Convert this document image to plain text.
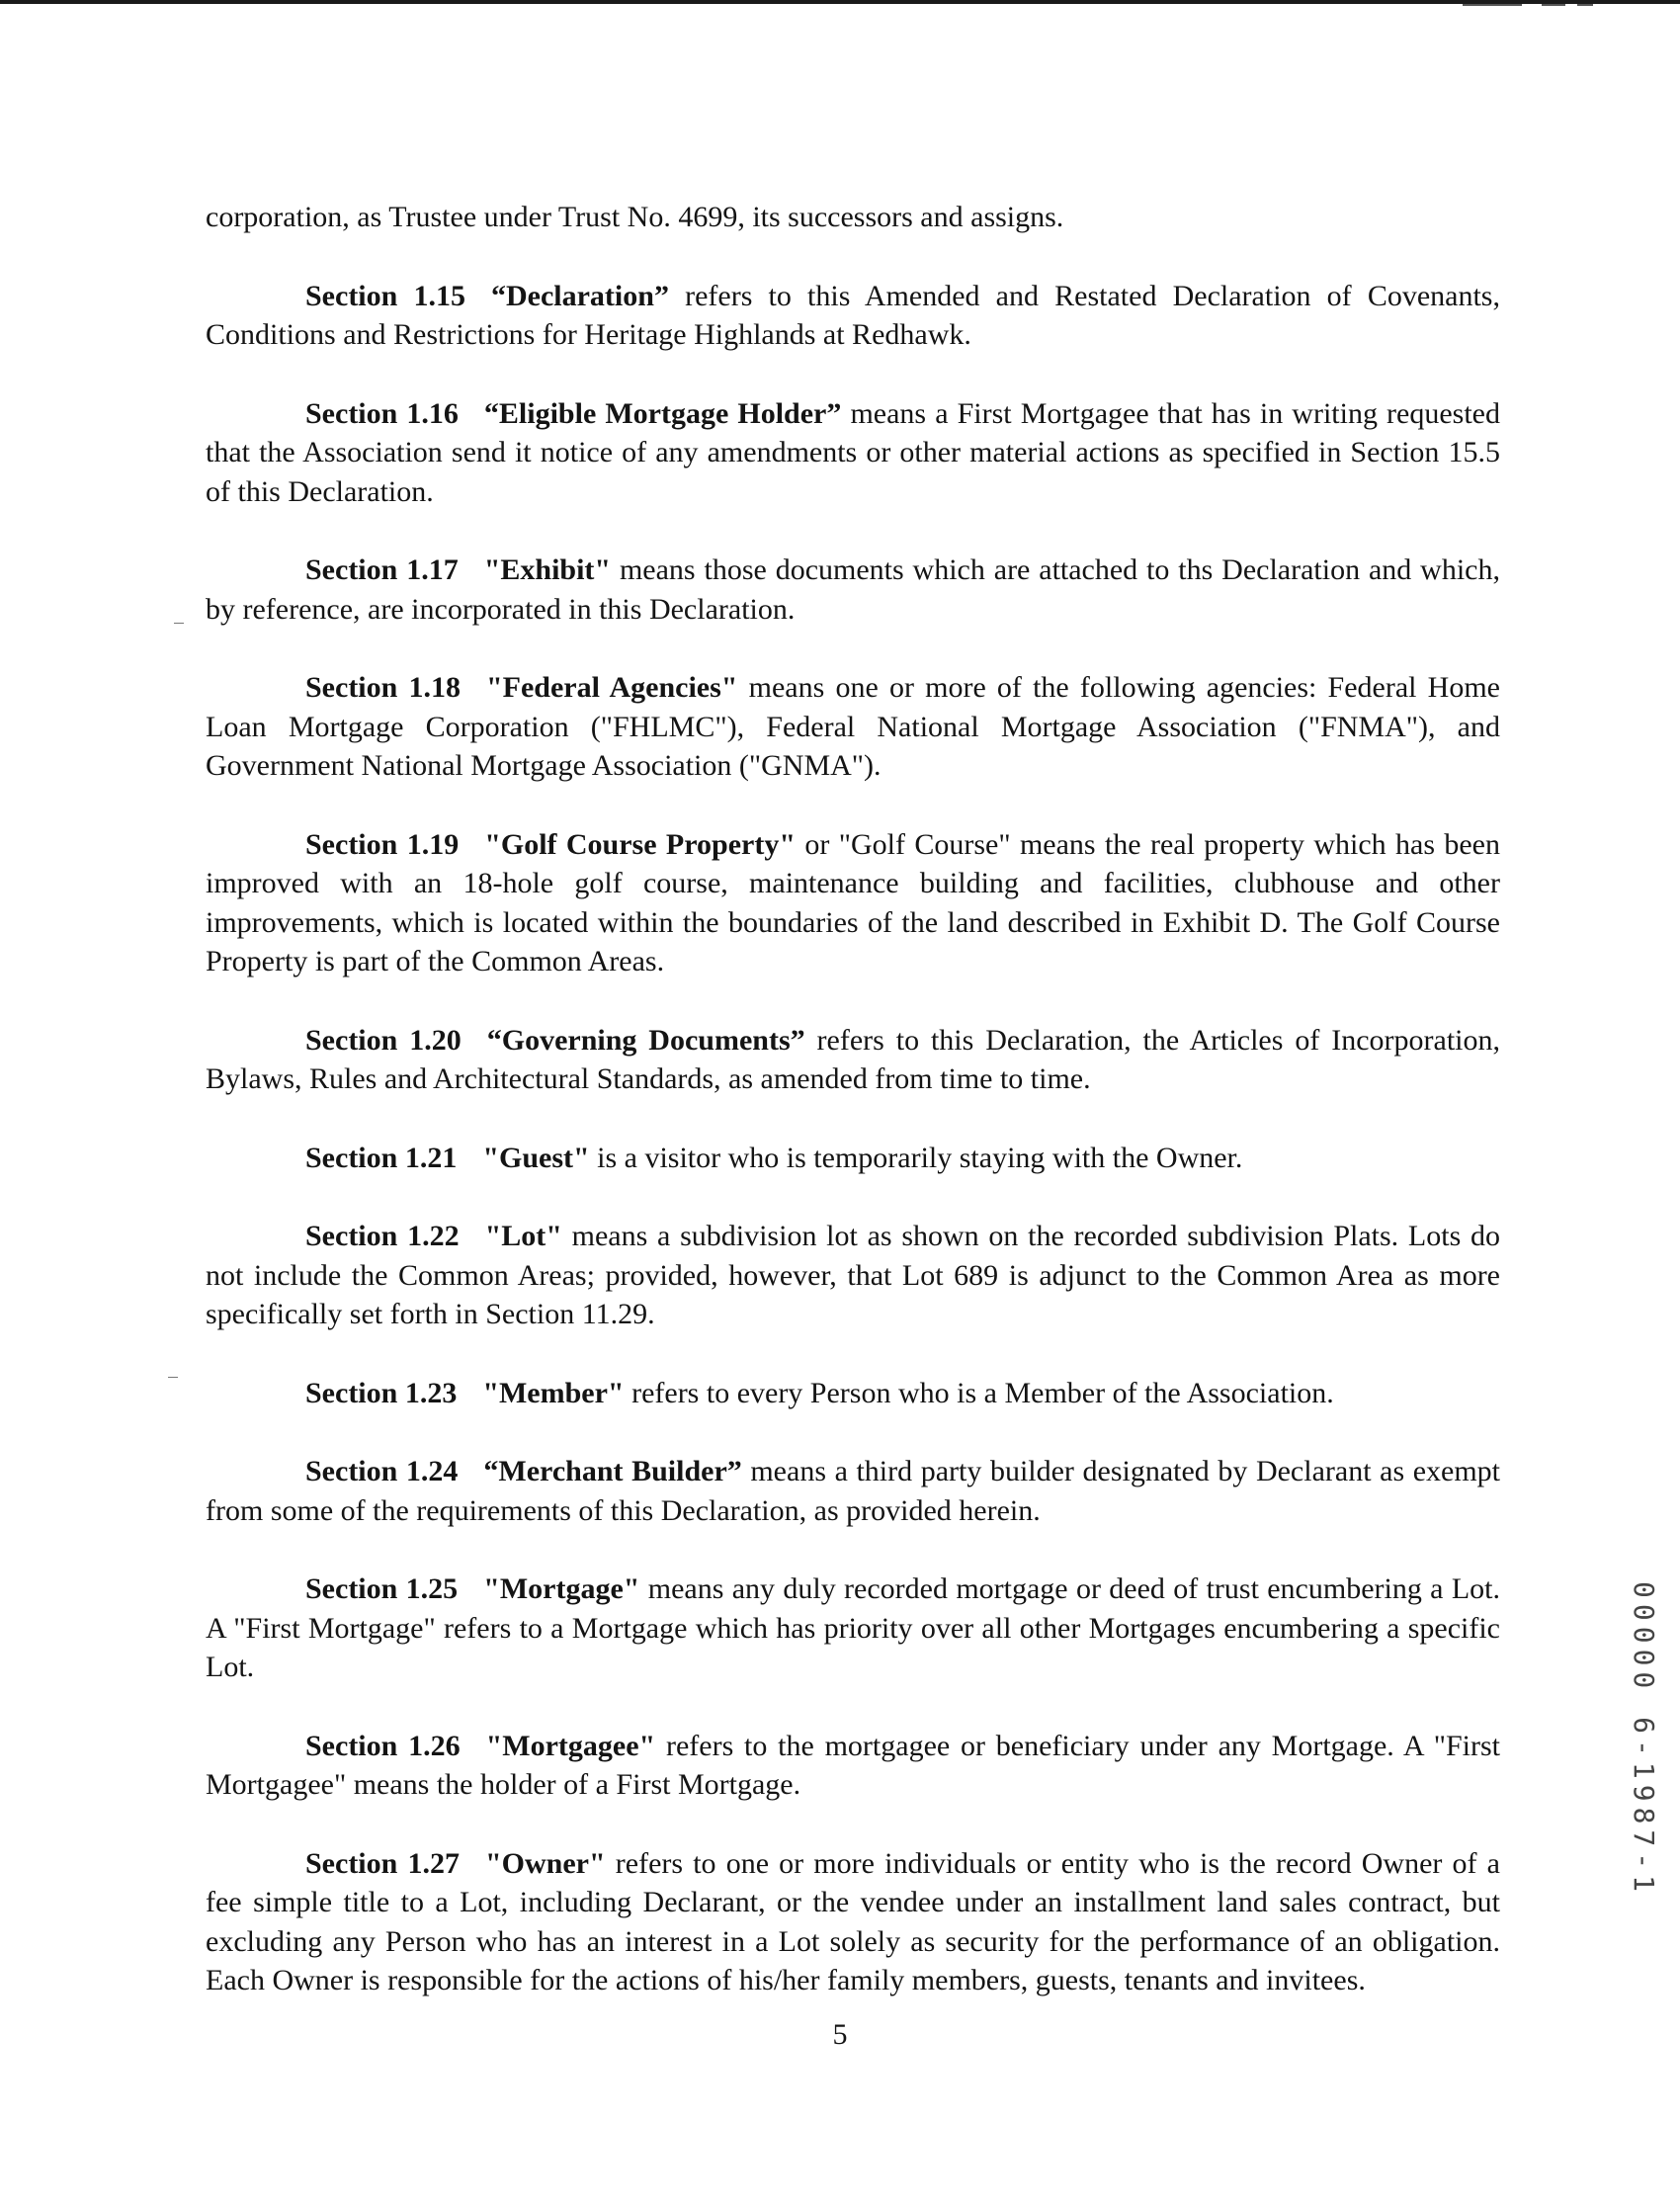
corporation, as Trustee under Trust No. 4699, its successors and assigns.

Section 1.15 “Declaration” refers to this Amended and Restated Declaration of Covenants, Conditions and Restrictions for Heritage Highlands at Redhawk.

Section 1.16 “Eligible Mortgage Holder” means a First Mortgagee that has in writing requested that the Association send it notice of any amendments or other material actions as specified in Section 15.5 of this Declaration.

Section 1.17 "Exhibit" means those documents which are attached to ths Declaration and which, by reference, are incorporated in this Declaration.

Section 1.18 "Federal Agencies" means one or more of the following agencies: Federal Home Loan Mortgage Corporation ("FHLMC"), Federal National Mortgage Association ("FNMA"), and Government National Mortgage Association ("GNMA").

Section 1.19 "Golf Course Property" or "Golf Course" means the real property which has been improved with an 18-hole golf course, maintenance building and facilities, clubhouse and other improvements, which is located within the boundaries of the land described in Exhibit D. The Golf Course Property is part of the Common Areas.

Section 1.20 “Governing Documents” refers to this Declaration, the Articles of Incorporation, Bylaws, Rules and Architectural Standards, as amended from time to time.

Section 1.21 "Guest" is a visitor who is temporarily staying with the Owner.

Section 1.22 "Lot" means a subdivision lot as shown on the recorded subdivision Plats. Lots do not include the Common Areas; provided, however, that Lot 689 is adjunct to the Common Area as more specifically set forth in Section 11.29.

Section 1.23 "Member" refers to every Person who is a Member of the Association.

Section 1.24 “Merchant Builder” means a third party builder designated by Declarant as exempt from some of the requirements of this Declaration, as provided herein.

Section 1.25 "Mortgage" means any duly recorded mortgage or deed of trust encumbering a Lot. A "First Mortgage" refers to a Mortgage which has priority over all other Mortgages encumbering a specific Lot.

Section 1.26 "Mortgagee" refers to the mortgagee or beneficiary under any Mortgage. A "First Mortgagee" means the holder of a First Mortgage.

Section 1.27 "Owner" refers to one or more individuals or entity who is the record Owner of a fee simple title to a Lot, including Declarant, or the vendee under an installment land sales contract, but excluding any Person who has an interest in a Lot solely as security for the performance of an obligation. Each Owner is responsible for the actions of his/her family members, guests, tenants and invitees.

5
00000 6-1987-1
